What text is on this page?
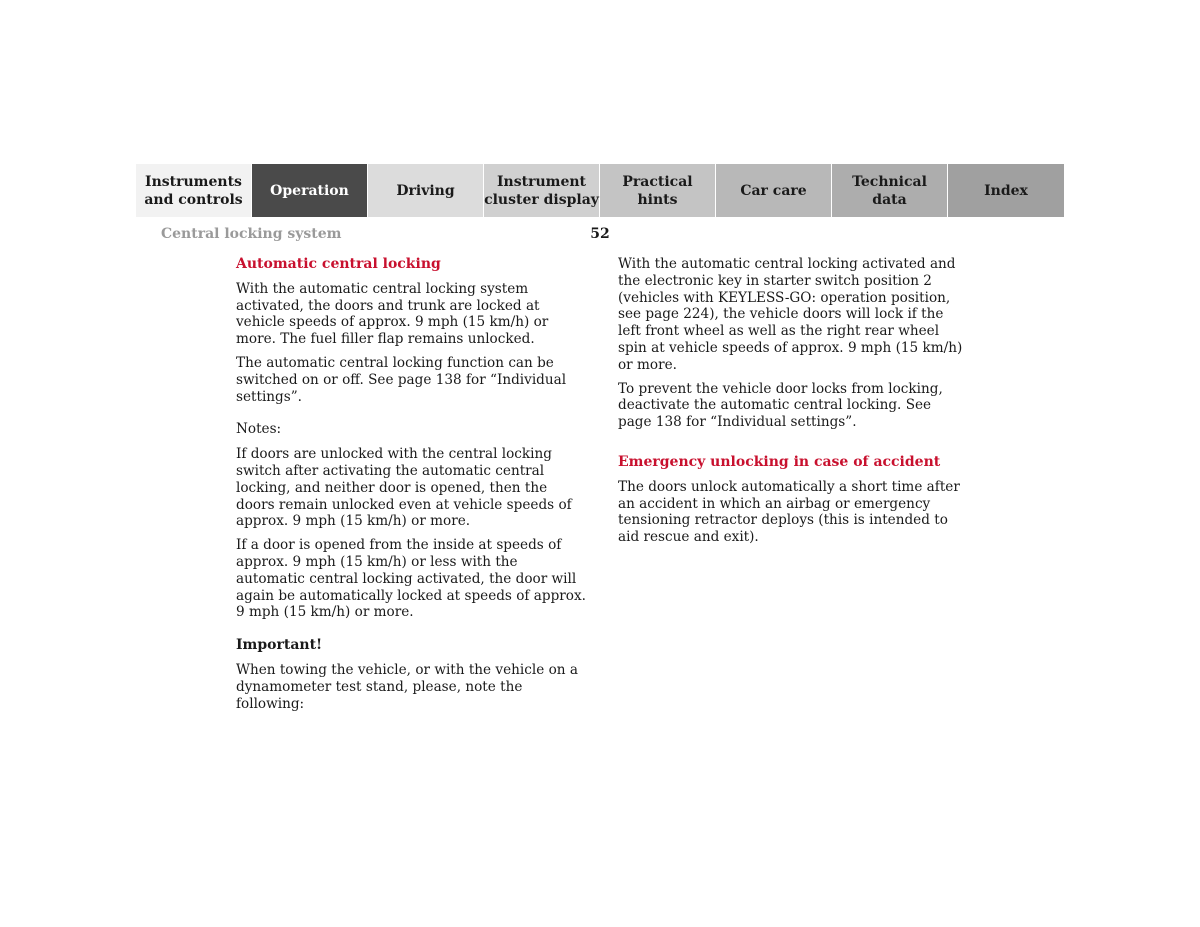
Instruments
and controls
Operation	Driving
Instrument
cluster display
Practical hints
Car care
Technical
data
Index
Central locking system	52
Automatic central locking

With the automatic central locking system activated, the doors and trunk are locked at vehicle speeds of approx. 9 mph (15 km/h) or more. The fuel filler flap remains unlocked.

The automatic central locking function can be switched on or off. See page 138 for “Individual settings”.

Notes:

If doors are unlocked with the central locking switch after activating the automatic central locking, and neither door is opened, then the doors remain unlocked even at vehicle speeds of approx. 9 mph (15 km/h) or more.

If a door is opened from the inside at speeds of approx. 9 mph (15 km/h) or less with the automatic central locking activated, the door will again be automatically locked at speeds of approx. 9 mph (15 km/h) or more.

Important!

When towing the vehicle, or with the vehicle on a dynamometer test stand, please, note the following:

With the automatic central locking activated and the electronic key in starter switch position 2 (vehicles with KEYLESS-GO: operation position, see page 224), the vehicle doors will lock if the left front wheel as well as the right rear wheel spin at vehicle speeds of approx. 9 mph (15 km/h) or more.

To prevent the vehicle door locks from locking, deactivate the automatic central locking. See page 138 for “Individual settings”.

Emergency unlocking in case of accident

The doors unlock automatically a short time after an accident in which an airbag or emergency tensioning retractor deploys (this is intended to aid rescue and exit).
